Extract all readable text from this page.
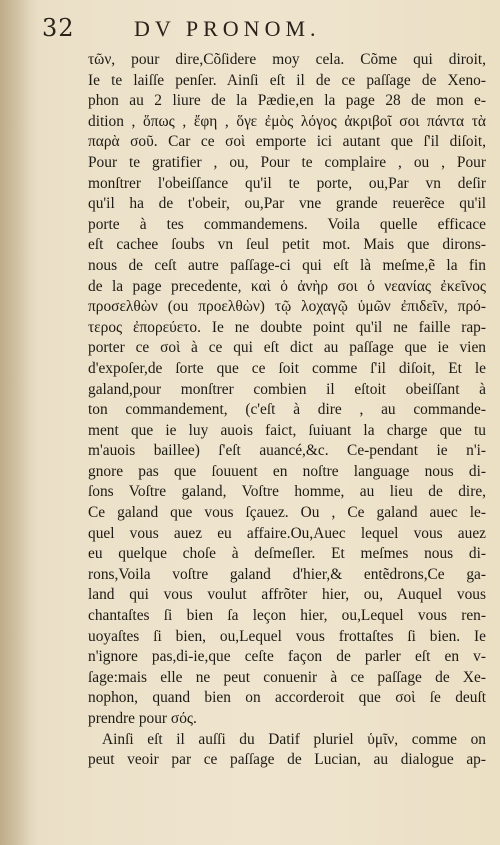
32	DV PRONOM.
τῶν, pour dire,Cõſidere moy cela. Cõme qui diroit,
Ie te laiſſe penſer. Ainſi eſt il de ce paſſage de Xeno-
phon au 2 liure de la Pædie,en la page 28 de mon e-
dition , ὅπως , ἔφη , ὅγε ἐμὸς λόγος ἀκριβοῖ σοι πάντα τὰ
παρὰ σοῦ. Car ce σοὶ emporte ici autant que ſ'il diſoit,
Pour te gratifier , ou, Pour te complaire , ou , Pour
monſtrer l'obeiſſance qu'il te porte, ou,Par vn deſir
qu'il ha de t'obeir, ou,Par vne grande reuerẽce qu'il
porte à tes commandemens. Voila quelle efficace
eſt cachee ſoubs vn ſeul petit mot. Mais que dirons-
nous de ceſt autre paſſage-ci qui eſt là meſme,ẽ la fin
de la page precedente, καὶ ὁ ἀνὴρ σοι ὁ νεανίας ἐκεῖνος
προσελθὼν (ou προελθὼν) τῷ λοχαγῷ ὑμῶν ἐπιδεῖν, πρό-
τερος ἐπορεύετο. Ie ne doubte point qu'il ne faille rap-
porter ce σοὶ à ce qui eſt dict au paſſage que ie vien
d'expoſer,de ſorte que ce ſoit comme ſ'il diſoit, Et le
galand,pour monſtrer combien il eſtoit obeiſſant à
ton commandement, (c'eſt à dire , au commande-
ment que ie luy auois faict, ſuiuant la charge que tu
m'auois baillee) ſ'eſt auancé,&c. Ce-pendant ie n'i-
gnore pas que ſouuent en noſtre language nous di-
ſons Voſtre galand, Voſtre homme, au lieu de dire,
Ce galand que vous ſçauez. Ou , Ce galand auec le-
quel vous auez eu affaire.Ou,Auec lequel vous auez
eu quelque choſe à deſmeſler. Et meſmes nous di-
rons,Voila voſtre galand d'hier,& entẽdrons,Ce ga-
land qui vous voulut affrõter hier, ou, Auquel vous
chantaſtes ſi bien ſa leçon hier, ou,Lequel vous ren-
uoyaſtes ſi bien, ou,Lequel vous frottaſtes ſi bien. Ie
n'ignore pas,di-ie,que ceſte façon de parler eſt en v-
ſage:mais elle ne peut conuenir à ce paſſage de Xe-
nophon, quand bien on accorderoit que σοὶ ſe deuſt
prendre pour σός.
Ainſi eſt il auſſi du Datif pluriel ὑμῖν, comme on
peut veoir par ce paſſage de Lucian, au dialogue ap-
